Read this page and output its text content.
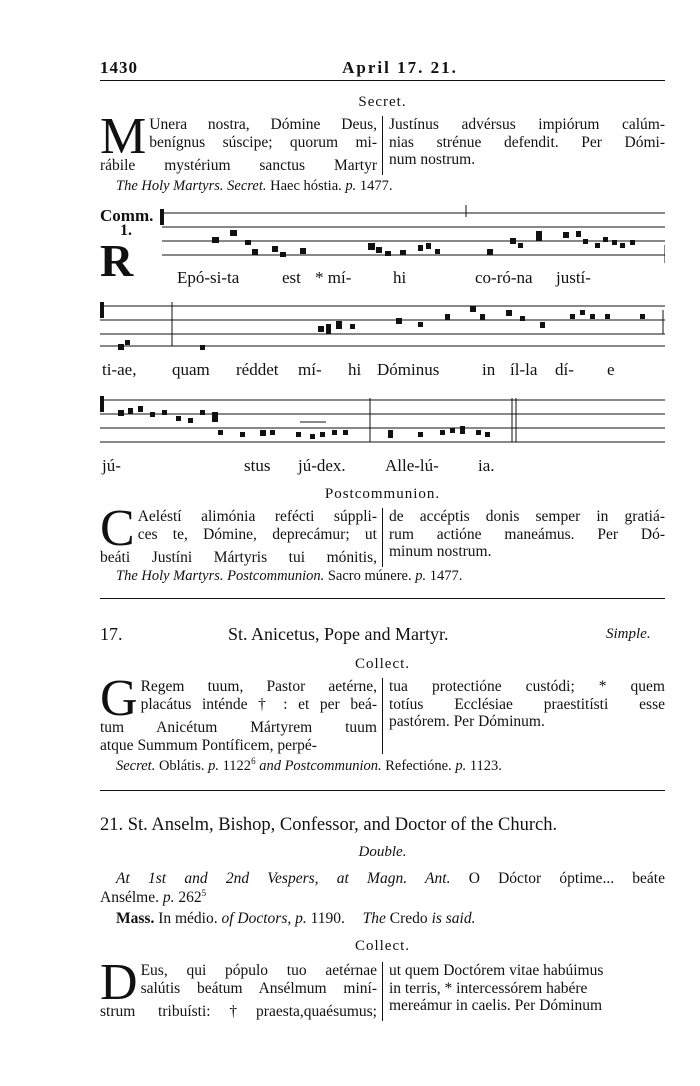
1430	April 17. 21.
Secret.
M Unera nostra, Dómine Deus,
benígnus súscipe; quorum mi-
rábile mystérium sanctus Martyr
Justínus advérsus impiórum calúm-
nias strénue defendit. Per Dómi-
num nostrum.
The Holy Martyrs. Secret. Haec hóstia. p. 1477.
Comm.
1.
R	Epó-si-ta	est * mí- hi	co-ró-na justí-
ti-ae, quam réddet mí- hi Dóminus	in íl-la dí- e
jú-	stus jú-dex. Alle-lú- ia.
Postcommunion.
C Aeléstí alimónia refécti súppli-
ces te, Dómine, deprecámur; ut
beáti Justíni Mártyris tui mónitis,
de accéptis donis semper in gratiá-
rum actióne maneámus. Per Dó-
minum nostrum.
The Holy Martyrs. Postcommunion. Sacro múnere. p. 1477.
17.	St. Anicetus, Pope and Martyr.	Simple.
Collect.
G Regem tuum, Pastor aetérne,
placátus inténde † : et per beá-
tum Anicétum Mártyrem tuum
atque Summum Pontíficem, perpé-
tua protectióne custódi; * quem
totíus Ecclésiae praestitísti esse
pastórem. Per Dóminum.
Secret. Oblátis. p. 1122$^6$ and Postcommunion. Refectióne. p. 1123.
21. St. Anselm, Bishop, Confessor, and Doctor of the Church.
Double.
At 1st and 2nd Vespers, at Magn. Ant. O Dóctor óptime... beáte
Ansélme. p. $262^5$
Mass. In médio. of Doctors, p. 1190. The Credo is said.
Collect.
D Eus, qui pópulo tuo aetérnae
salútis beátum Ansélmum miní-
strum tribuísti:†praesta,quaésumus;
ut quem Doctórem vitae habúimus
in terris, * intercessórem habére
mereámur in caelis. Per Dóminum
